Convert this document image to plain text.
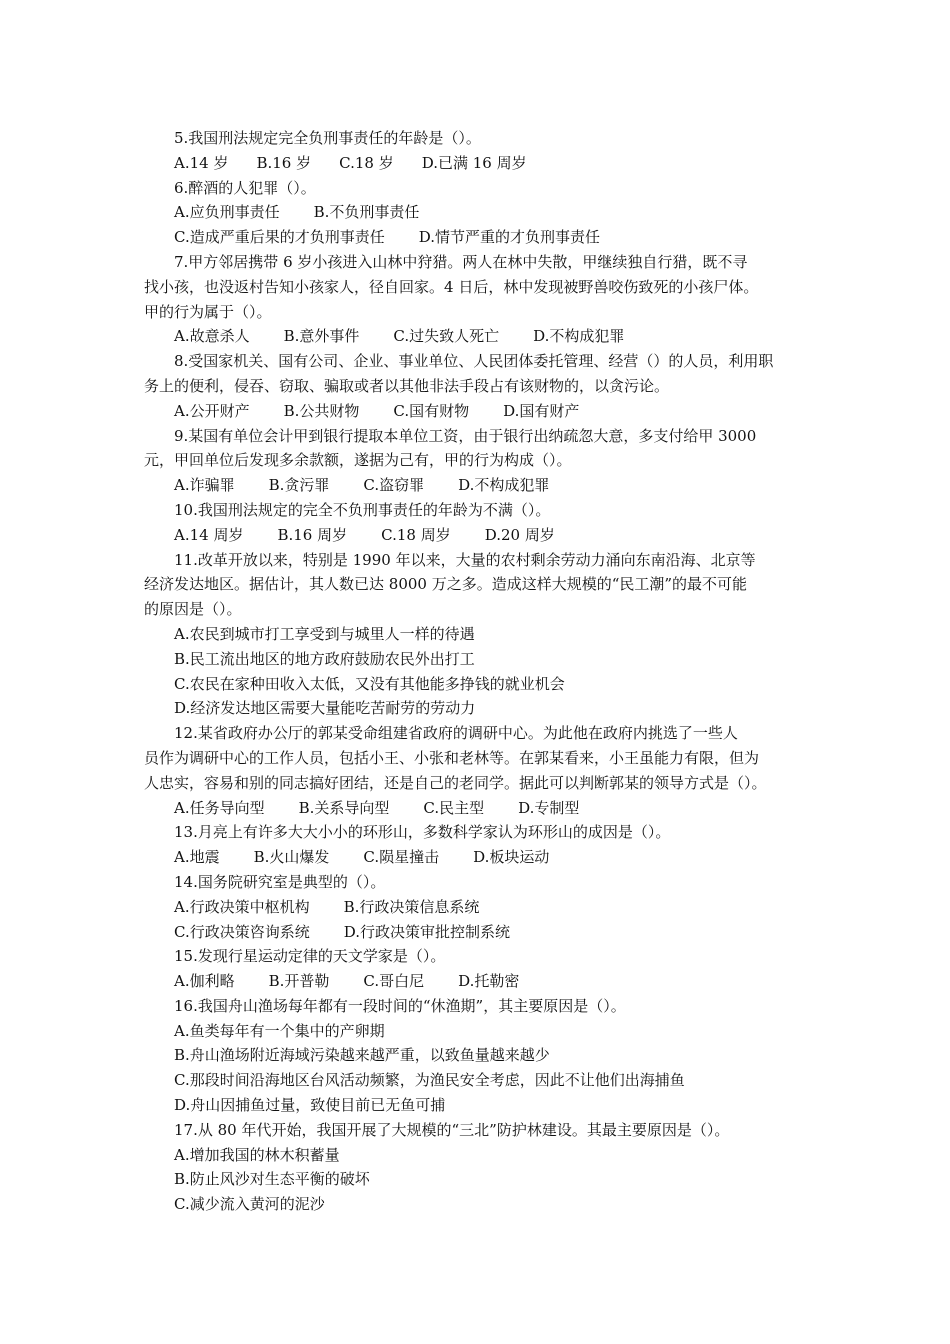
5.我国刑法规定完全负刑事责任的年龄是（）。
A.14 岁 B.16 岁 C.18 岁 D.已满 16 周岁
6.醉酒的人犯罪（）。
A.应负刑事责任 B.不负刑事责任
C.造成严重后果的才负刑事责任 D.情节严重的才负刑事责任
7.甲方邻居携带 6 岁小孩进入山林中狩猎。两人在林中失散，甲继续独自行猎，既不寻
找小孩，也没返村告知小孩家人，径自回家。4 日后，林中发现被野兽咬伤致死的小孩尸体。
甲的行为属于（）。
A.故意杀人 B.意外事件 C.过失致人死亡 D.不构成犯罪
8.受国家机关、国有公司、企业、事业单位、人民团体委托管理、经营（）的人员，利用职
务上的便利，侵吞、窃取、骗取或者以其他非法手段占有该财物的，以贪污论。
A.公开财产 B.公共财物 C.国有财物 D.国有财产
9.某国有单位会计甲到银行提取本单位工资，由于银行出纳疏忽大意，多支付给甲 3000
元，甲回单位后发现多余款额，遂据为己有，甲的行为构成（）。
A.诈骗罪 B.贪污罪 C.盗窃罪 D.不构成犯罪
10.我国刑法规定的完全不负刑事责任的年龄为不满（）。
A.14 周岁 B.16 周岁 C.18 周岁 D.20 周岁
11.改革开放以来，特别是 1990 年以来，大量的农村剩余劳动力涌向东南沿海、北京等
经济发达地区。据估计，其人数已达 8000 万之多。造成这样大规模的“民工潮”的最不可能
的原因是（）。
A.农民到城市打工享受到与城里人一样的待遇
B.民工流出地区的地方政府鼓励农民外出打工
C.农民在家种田收入太低，又没有其他能多挣钱的就业机会
D.经济发达地区需要大量能吃苦耐劳的劳动力
12.某省政府办公厅的郭某受命组建省政府的调研中心。为此他在政府内挑选了一些人
员作为调研中心的工作人员，包括小王、小张和老林等。在郭某看来，小王虽能力有限，但为
人忠实，容易和别的同志搞好团结，还是自己的老同学。据此可以判断郭某的领导方式是（）。
A.任务导向型 B.关系导向型 C.民主型 D.专制型
13.月亮上有许多大大小小的环形山，多数科学家认为环形山的成因是（）。
A.地震 B.火山爆发 C.陨星撞击 D.板块运动
14.国务院研究室是典型的（）。
A.行政决策中枢机构 B.行政决策信息系统
C.行政决策咨询系统 D.行政决策审批控制系统
15.发现行星运动定律的天文学家是（）。
A.伽利略 B.开普勒 C.哥白尼 D.托勒密
16.我国舟山渔场每年都有一段时间的“休渔期”，其主要原因是（）。
A.鱼类每年有一个集中的产卵期
B.舟山渔场附近海域污染越来越严重，以致鱼量越来越少
C.那段时间沿海地区台风活动频繁，为渔民安全考虑，因此不让他们出海捕鱼
D.舟山因捕鱼过量，致使目前已无鱼可捕
17.从 80 年代开始，我国开展了大规模的“三北”防护林建设。其最主要原因是（）。
A.增加我国的林木积蓄量
B.防止风沙对生态平衡的破坏
C.减少流入黄河的泥沙
